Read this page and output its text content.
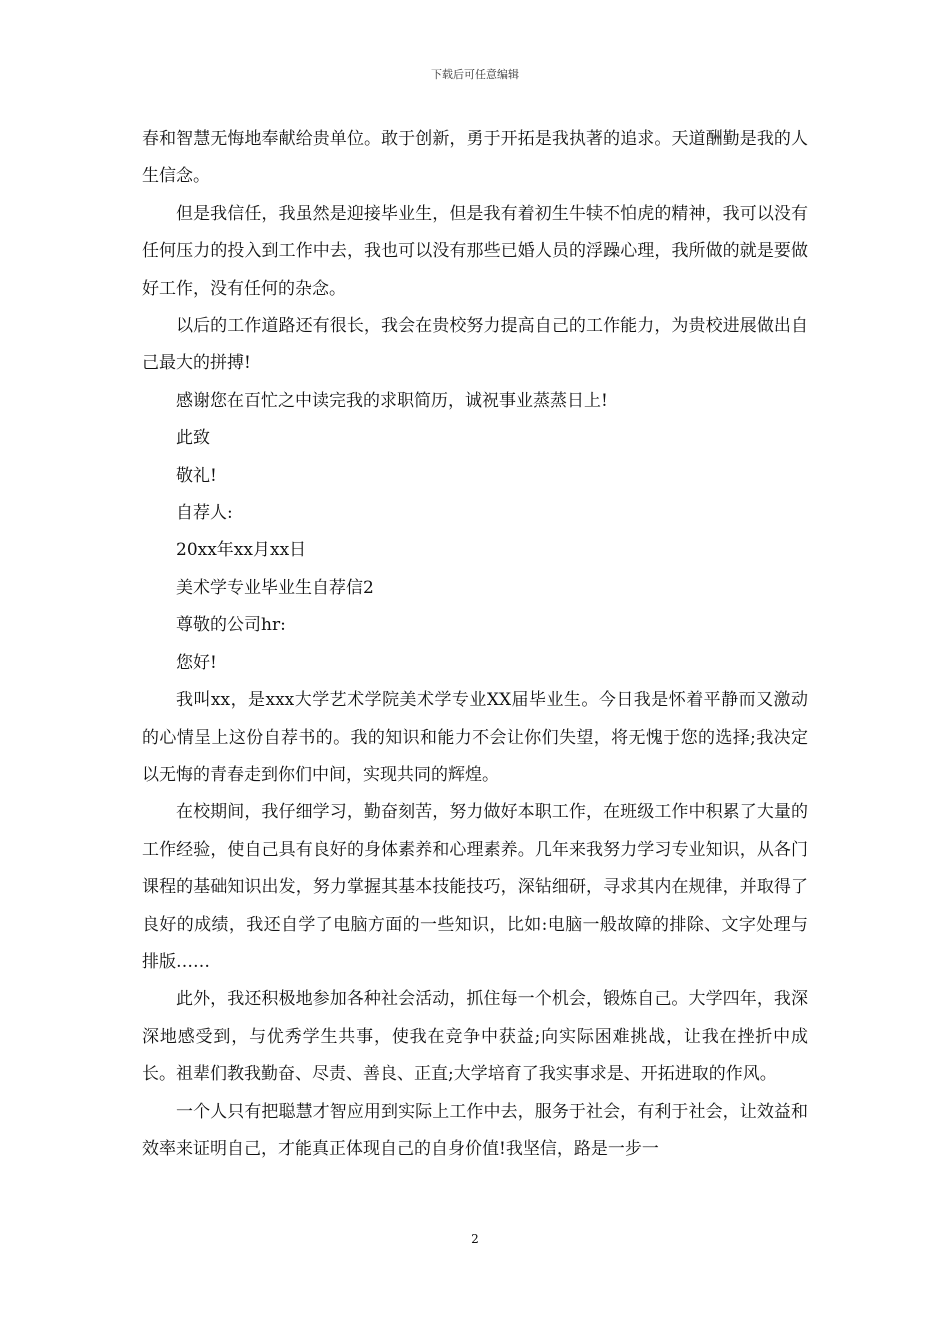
下载后可任意编辑

春和智慧无悔地奉献给贵单位。敢于创新，勇于开拓是我执著的追求。天道酬勤是我的人生信念。

但是我信任，我虽然是迎接毕业生，但是我有着初生牛犊不怕虎的精神，我可以没有任何压力的投入到工作中去，我也可以没有那些已婚人员的浮躁心理，我所做的就是要做好工作，没有任何的杂念。

以后的工作道路还有很长，我会在贵校努力提高自己的工作能力，为贵校进展做出自己最大的拼搏!

感谢您在百忙之中读完我的求职简历，诚祝事业蒸蒸日上!

此致

敬礼!

自荐人:

20xx年xx月xx日

美术学专业毕业生自荐信2

尊敬的公司hr:

您好!

我叫xx，是xxx大学艺术学院美术学专业XX届毕业生。今日我是怀着平静而又激动的心情呈上这份自荐书的。我的知识和能力不会让你们失望，将无愧于您的选择;我决定以无悔的青春走到你们中间，实现共同的辉煌。

在校期间，我仔细学习，勤奋刻苦，努力做好本职工作，在班级工作中积累了大量的工作经验，使自己具有良好的身体素养和心理素养。几年来我努力学习专业知识，从各门课程的基础知识出发，努力掌握其基本技能技巧，深钻细研，寻求其内在规律，并取得了良好的成绩，我还自学了电脑方面的一些知识，比如:电脑一般故障的排除、文字处理与排版……

此外，我还积极地参加各种社会活动，抓住每一个机会，锻炼自己。大学四年，我深深地感受到，与优秀学生共事，使我在竞争中获益;向实际困难挑战，让我在挫折中成长。祖辈们教我勤奋、尽责、善良、正直;大学培育了我实事求是、开拓进取的作风。

一个人只有把聪慧才智应用到实际上工作中去，服务于社会，有利于社会，让效益和效率来证明自己，才能真正体现自己的自身价值!我坚信，路是一步一

2
